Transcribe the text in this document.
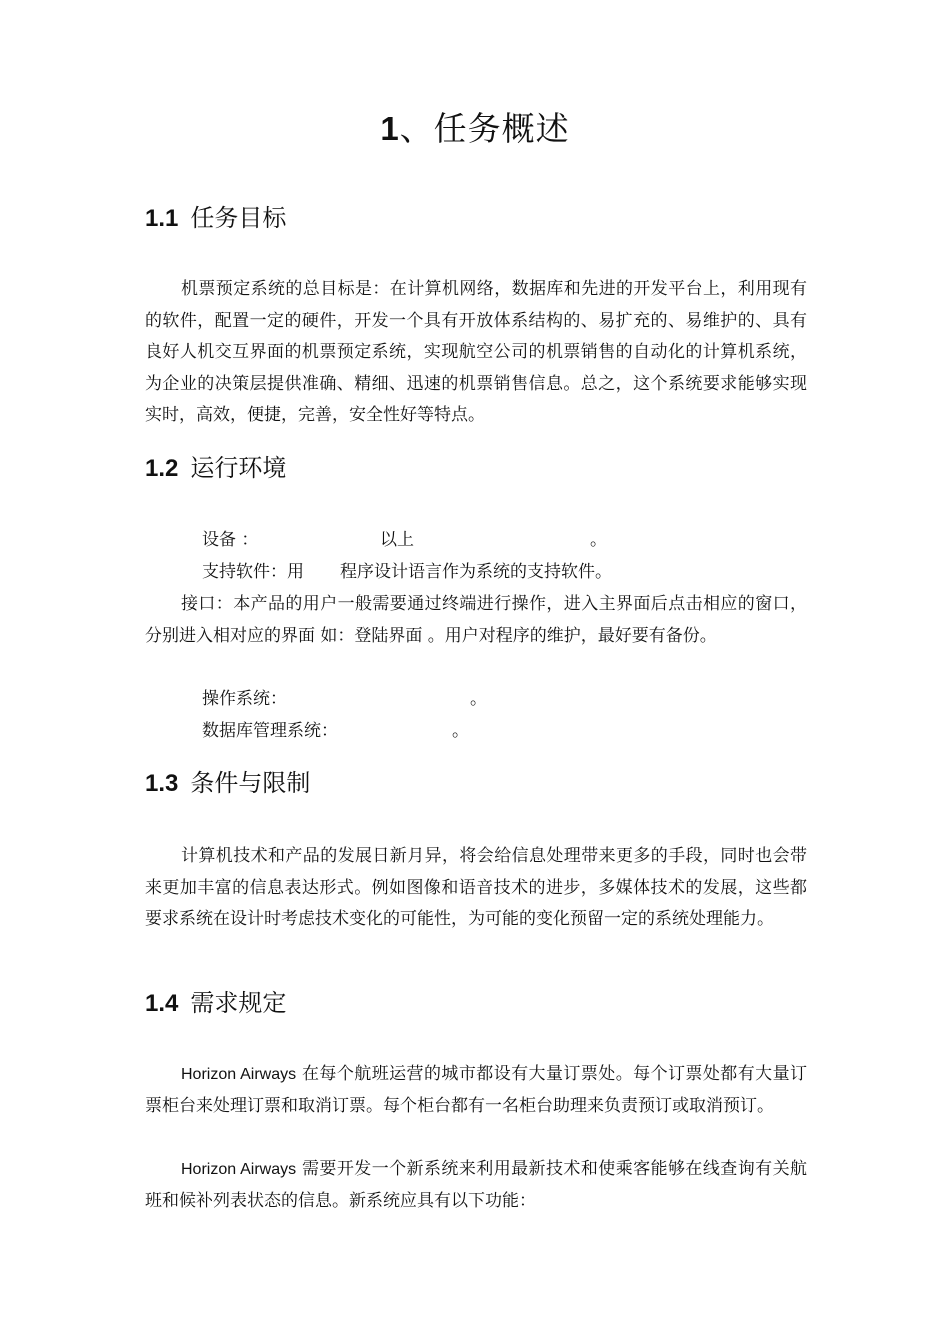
1、任务概述
1.1 任务目标

机票预定系统的总目标是：在计算机网络，数据库和先进的开发平台上，利用现有的软件，配置一定的硬件，开发一个具有开放体系结构的、易扩充的、易维护的、具有良好人机交互界面的机票预定系统，实现航空公司的机票销售的自动化的计算机系统，为企业的决策层提供准确、精细、迅速的机票销售信息。总之，这个系统要求能够实现实时，高效，便捷，完善，安全性好等特点。

1.2 运行环境
设备 ：	以上	。
支持软件：用 程序设计语言作为系统的支持软件。

接口：本产品的用户一般需要通过终端进行操作，进入主界面后点击相应的窗口，分别进入相对应的界面 如：登陆界面 。用户对程序的维护，最好要有备份。

操作系统：	。
数据库管理系统：	。
1.3 条件与限制

计算机技术和产品的发展日新月异，将会给信息处理带来更多的手段，同时也会带来更加丰富的信息表达形式。例如图像和语音技术的进步，多媒体技术的发展，这些都要求系统在设计时考虑技术变化的可能性，为可能的变化预留一定的系统处理能力。

1.4 需求规定

Horizon Airways 在每个航班运营的城市都设有大量订票处。每个订票处都有大量订票柜台来处理订票和取消订票。每个柜台都有一名柜台助理来负责预订或取消预订。

Horizon Airways 需要开发一个新系统来利用最新技术和使乘客能够在线查询有关航班和候补列表状态的信息。新系统应具有以下功能：
